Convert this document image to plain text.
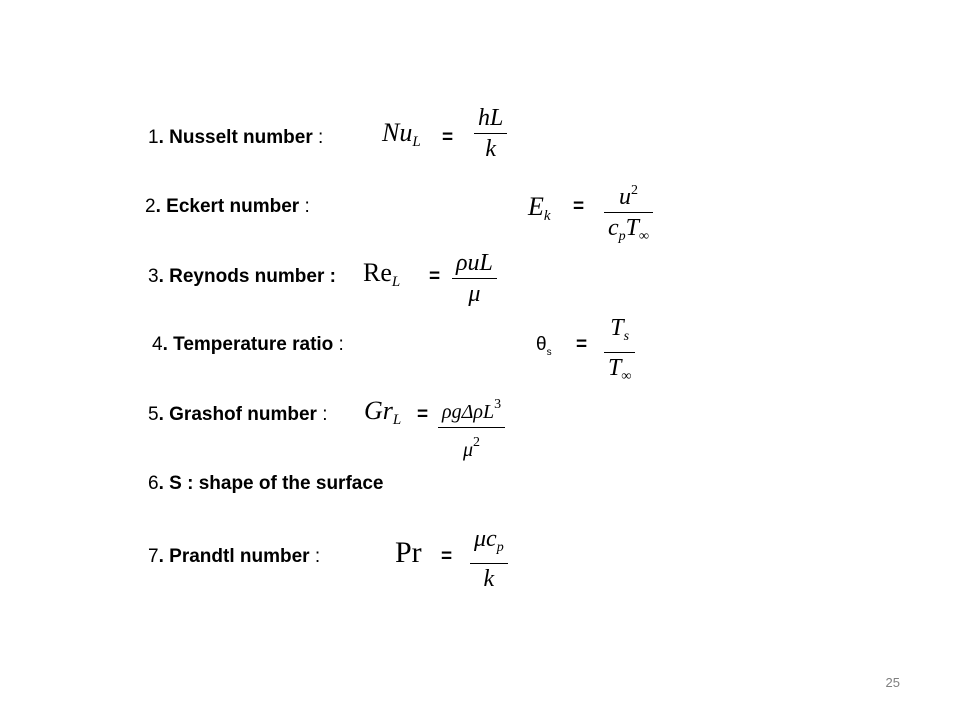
1. Nusselt number : $Nu_L$ =
hL
k
2. Eckert number :	$E_k = u^2$
$c_pT_\infty$
3. Reynods number : $Re_L$ =
ρuL
μ
4. Temperature ratio :	$\theta_s$ =
$T_s$
$T_\infty$
5. Grashof number : $Gr_L = \rho g\Delta\rho L^3$
$\mu^2$
6. S : shape of the surface
7. Prandtl number : Pr =
$\mu c_p$
k
25
